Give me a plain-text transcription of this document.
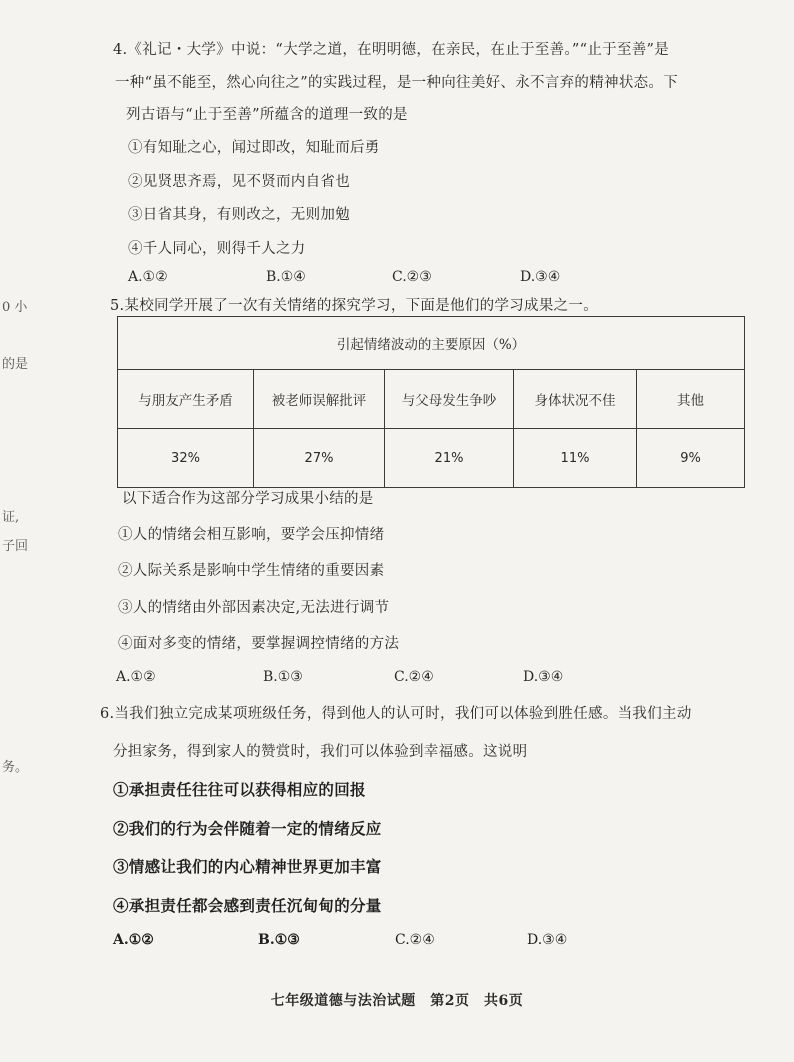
0 小
的是
证,
子回
务。
4.《礼记・大学》中说：“大学之道，在明明德，在亲民，在止于至善。”“止于至善”是
一种“虽不能至，然心向往之”的实践过程，是一种向往美好、永不言弃的精神状态。下
列古语与“止于至善”所蕴含的道理一致的是
①有知耻之心，闻过即改，知耻而后勇
②见贤思齐焉，见不贤而内自省也
③日省其身，有则改之，无则加勉
④千人同心，则得千人之力
A.①②	B.①④	C.②③	D.③④
5.某校同学开展了一次有关情绪的探究学习，下面是他们的学习成果之一。
引起情绪波动的主要原因（%）				
与朋友产生矛盾	被老师误解批评	与父母发生争吵	身体状况不佳	其他
32%	27%	21%	11%	9%
以下适合作为这部分学习成果小结的是
①人的情绪会相互影响，要学会压抑情绪
②人际关系是影响中学生情绪的重要因素
③人的情绪由外部因素决定,无法进行调节
④面对多变的情绪，要掌握调控情绪的方法
A.①②	B.①③	C.②④	D.③④
6.当我们独立完成某项班级任务，得到他人的认可时，我们可以体验到胜任感。当我们主动
分担家务，得到家人的赞赏时，我们可以体验到幸福感。这说明
①承担责任往往可以获得相应的回报
②我们的行为会伴随着一定的情绪反应
③情感让我们的内心精神世界更加丰富
④承担责任都会感到责任沉甸甸的分量
A.①②	B.①③	C.②④	D.③④
七年级道德与法治试题　第2页　共6页
